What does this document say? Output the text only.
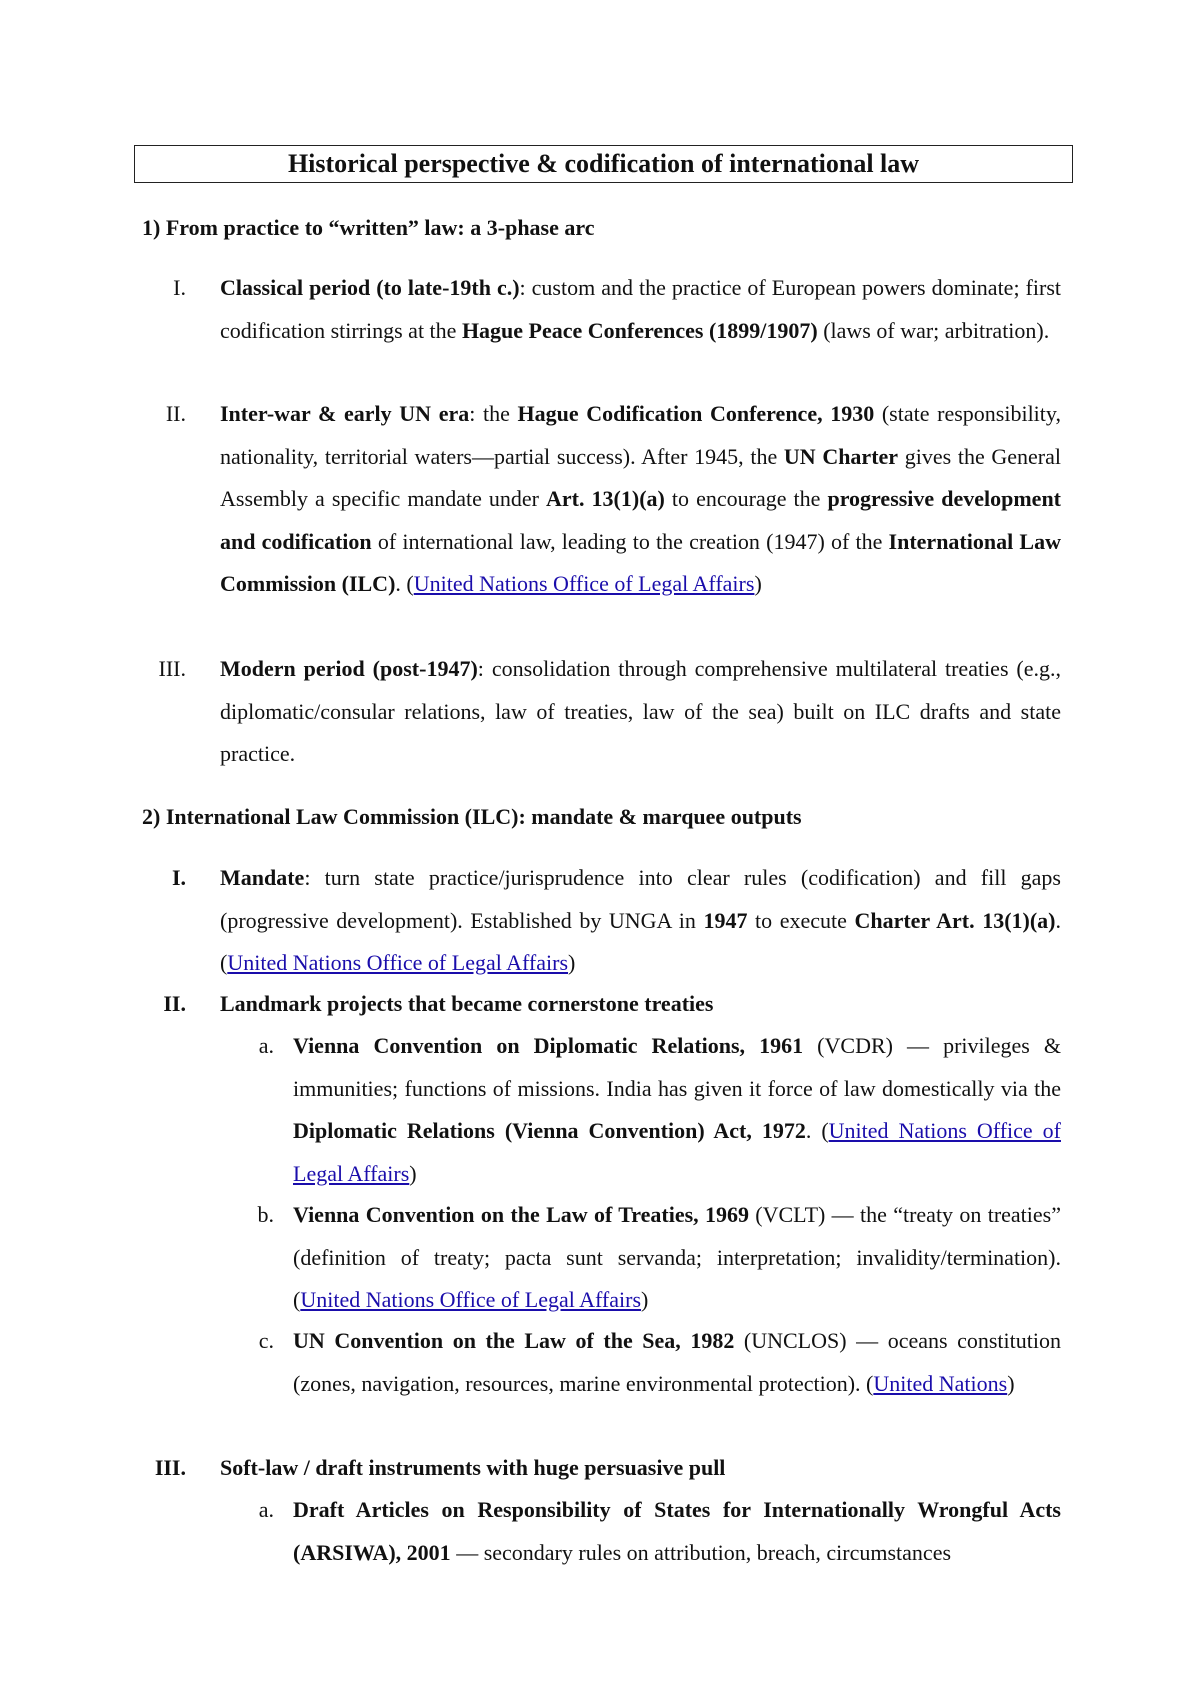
Historical perspective & codification of international law
1) From practice to “written” law: a 3-phase arc
I. Classical period (to late-19th c.): custom and the practice of European powers dominate; first codification stirrings at the Hague Peace Conferences (1899/1907) (laws of war; arbitration).
II. Inter-war & early UN era: the Hague Codification Conference, 1930 (state responsibility, nationality, territorial waters—partial success). After 1945, the UN Charter gives the General Assembly a specific mandate under Art. 13(1)(a) to encourage the progressive development and codification of international law, leading to the creation (1947) of the International Law Commission (ILC). (United Nations Office of Legal Affairs)
III. Modern period (post-1947): consolidation through comprehensive multilateral treaties (e.g., diplomatic/consular relations, law of treaties, law of the sea) built on ILC drafts and state practice.
2) International Law Commission (ILC): mandate & marquee outputs
I. Mandate: turn state practice/jurisprudence into clear rules (codification) and fill gaps (progressive development). Established by UNGA in 1947 to execute Charter Art. 13(1)(a). (United Nations Office of Legal Affairs)
II. Landmark projects that became cornerstone treaties
a. Vienna Convention on Diplomatic Relations, 1961 (VCDR) — privileges & immunities; functions of missions. India has given it force of law domestically via the Diplomatic Relations (Vienna Convention) Act, 1972. (United Nations Office of Legal Affairs)
b. Vienna Convention on the Law of Treaties, 1969 (VCLT) — the “treaty on treaties” (definition of treaty; pacta sunt servanda; interpretation; invalidity/termination). (United Nations Office of Legal Affairs)
c. UN Convention on the Law of the Sea, 1982 (UNCLOS) — oceans constitution (zones, navigation, resources, marine environmental protection). (United Nations)
III. Soft-law / draft instruments with huge persuasive pull
a. Draft Articles on Responsibility of States for Internationally Wrongful Acts (ARSIWA), 2001 — secondary rules on attribution, breach, circumstances
